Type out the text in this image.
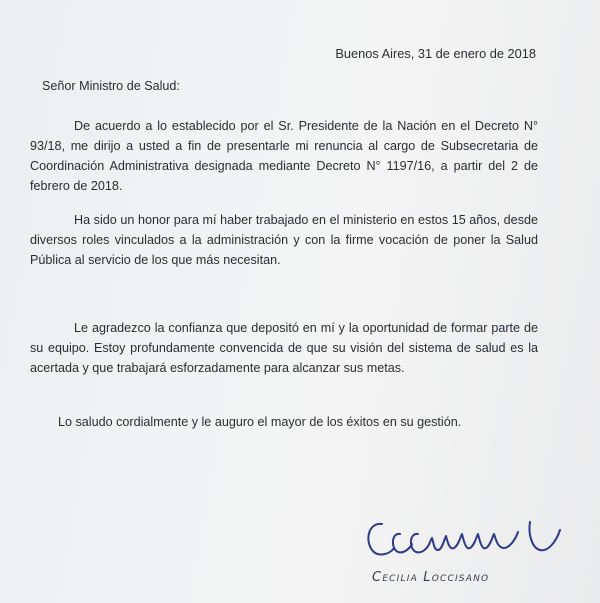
Buenos Aires, 31 de enero de 2018
Señor Ministro de Salud:
De acuerdo a lo establecido por el Sr. Presidente de la Nación en el Decreto N° 93/18, me dirijo a usted a fin de presentarle mi renuncia al cargo de Subsecretaria de Coordinación Administrativa designada mediante Decreto N° 1197/16, a partir del 2 de febrero de 2018.
Ha sido un honor para mí haber trabajado en el ministerio en estos 15 años, desde diversos roles vinculados a la administración y con la firme vocación de poner la Salud Pública al servicio de los que más necesitan.
Le agradezco la confianza que depositó en mí y la oportunidad de formar parte de su equipo. Estoy profundamente convencida de que su visión del sistema de salud es la acertada y que trabajará esforzadamente para alcanzar sus metas.
Lo saludo cordialmente y le auguro el mayor de los éxitos en su gestión.
Cecilia Loccisano
